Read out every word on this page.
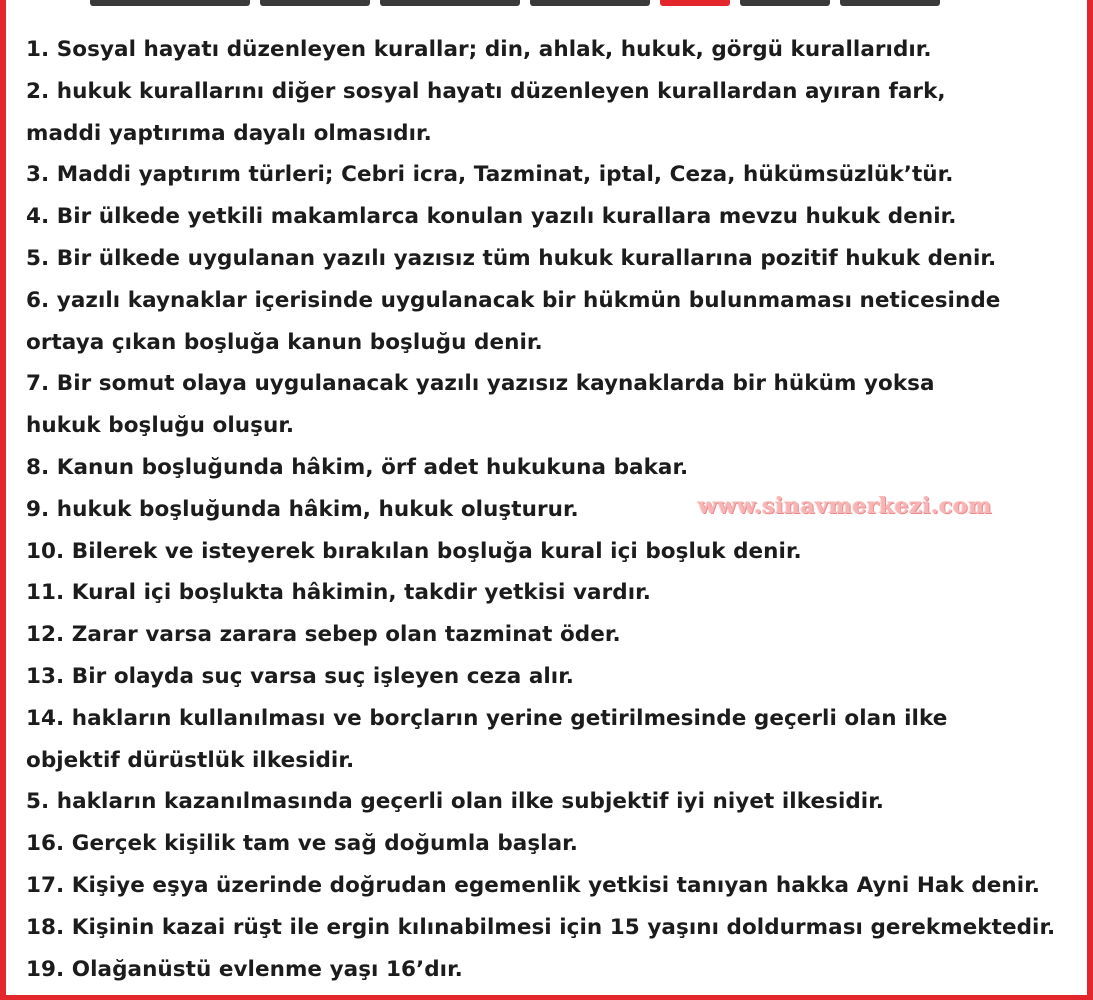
1. Sosyal hayatı düzenleyen kurallar; din, ahlak, hukuk, görgü kurallarıdır.
2. hukuk kurallarını diğer sosyal hayatı düzenleyen kurallardan ayıran fark,
maddi yaptırıma dayalı olmasıdır.
3. Maddi yaptırım türleri; Cebri icra, Tazminat, iptal, Ceza, hükümsüzlük’tür.
4. Bir ülkede yetkili makamlarca konulan yazılı kurallara mevzu hukuk denir.
5. Bir ülkede uygulanan yazılı yazısız tüm hukuk kurallarına pozitif hukuk denir.
6. yazılı kaynaklar içerisinde uygulanacak bir hükmün bulunmaması neticesinde
ortaya çıkan boşluğa kanun boşluğu denir.
7. Bir somut olaya uygulanacak yazılı yazısız kaynaklarda bir hüküm yoksa
hukuk boşluğu oluşur.
8. Kanun boşluğunda hâkim, örf adet hukukuna bakar.
9. hukuk boşluğunda hâkim, hukuk oluşturur.
10. Bilerek ve isteyerek bırakılan boşluğa kural içi boşluk denir.
11. Kural içi boşlukta hâkimin, takdir yetkisi vardır.
12. Zarar varsa zarara sebep olan tazminat öder.
13. Bir olayda suç varsa suç işleyen ceza alır.
14. hakların kullanılması ve borçların yerine getirilmesinde geçerli olan ilke
objektif dürüstlük ilkesidir.
5. hakların kazanılmasında geçerli olan ilke subjektif iyi niyet ilkesidir.
16. Gerçek kişilik tam ve sağ doğumla başlar.
17. Kişiye eşya üzerinde doğrudan egemenlik yetkisi tanıyan hakka Ayni Hak denir.
18. Kişinin kazai rüşt ile ergin kılınabilmesi için 15 yaşını doldurması gerekmektedir.
19. Olağanüstü evlenme yaşı 16’dır.
www.sinavmerkezi.com
